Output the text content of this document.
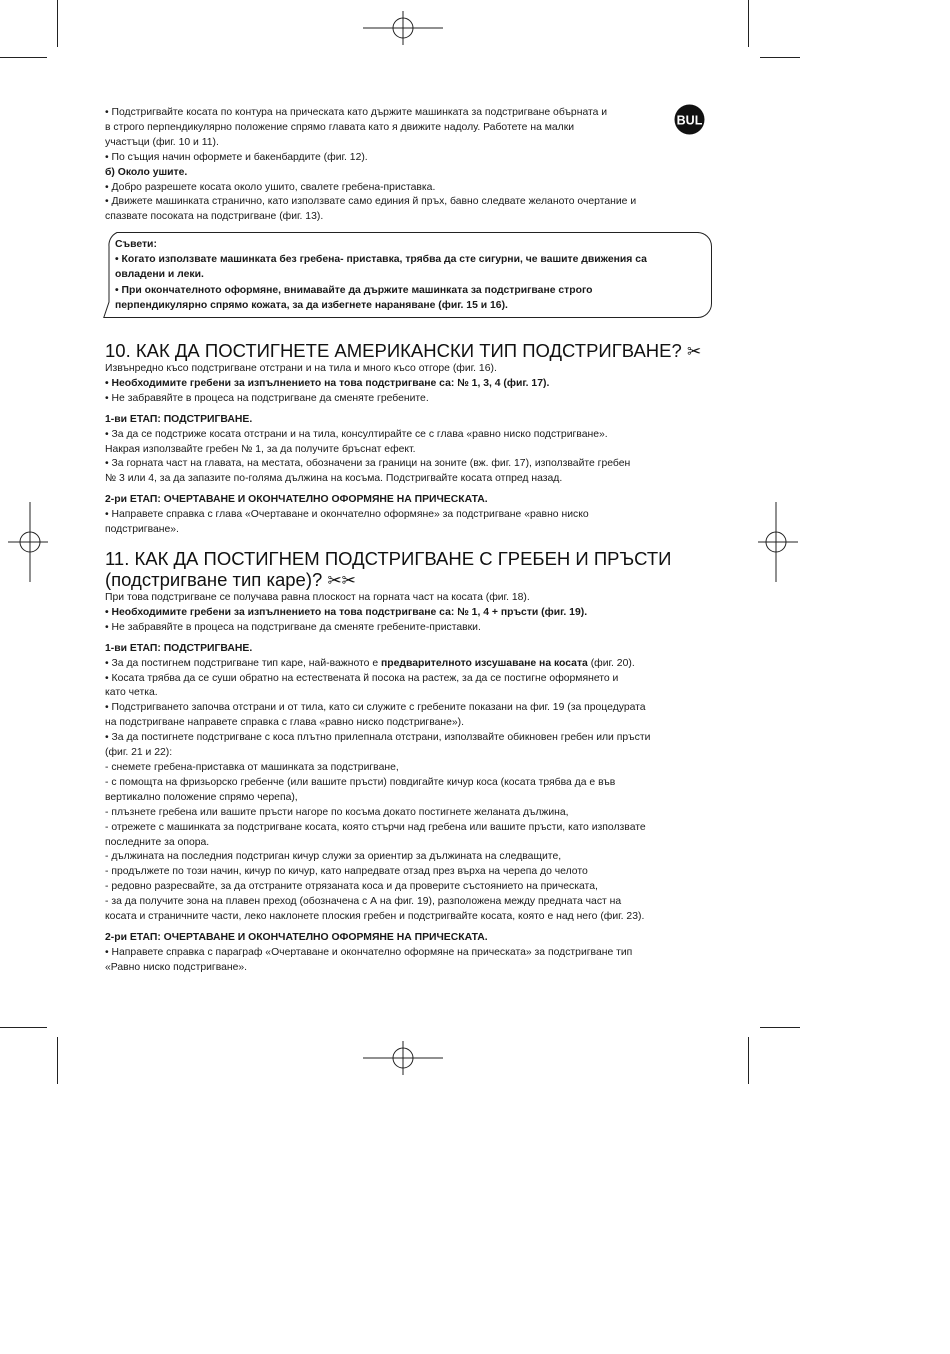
BUL

• Подстригвайте косата по контура на прическата като държите машинката за подстригване обърната и

в строго перпендикулярно положение спрямо главата като я движите надолу. Работете на малки

участъци (фиг. 10 и 11).

• По същия начин оформете и бакенбардите (фиг. 12).

б) Около ушите.

• Добро разрешете косата около ушито, свалете гребена-приставка.

• Движете машинката странично, като използвате само единия й пръх, бавно следвате желаното очертание и

спазвате посоката на подстригване (фиг. 13).

Съвети:

• Когато използвате машинката без гребена- приставка, трябва да сте сигурни, че вашите движения са

овладени и леки.

• При окончателното оформяне, внимавайте да държите машинката за подстригване строго

перпендикулярно спрямо кожата, за да избегнете нараняване (фиг. 15 и 16).

10. КАК ДА ПОСТИГНЕТЕ АМЕРИКАНСКИ ТИП ПОДСТРИГВАНЕ? ✂

Извънредно късо подстригване отстрани и на тила и много късо отгоре (фиг. 16).

• Необходимите гребени за изпълнението на това подстригване са: № 1, 3, 4 (фиг. 17).

• Не забравяйте в процеса на подстригване да сменяте гребените.

1-ви ЕТАП: ПОДСТРИГВАНЕ.

• За да се подстриже косата отстрани и на тила, консултирайте се с глава «равно ниско подстригване».

Накрая използвайте гребен № 1, за да получите бръснат ефект.

• За горната част на главата, на местата, обозначени за граници на зоните (вж. фиг. 17), използвайте гребен

№ 3 или 4, за да запазите по-голяма дължина на косъма. Подстригвайте косата отпред назад.

2-ри ЕТАП: ОЧЕРТАВАНЕ И ОКОНЧАТЕЛНО ОФОРМЯНЕ НА ПРИЧЕСКАТА.

• Направете справка с глава «Очертаване и окончателно оформяне» за подстригване «равно ниско

подстригване».

11. КАК ДА ПОСТИГНЕМ ПОДСТРИГВАНЕ С ГРЕБЕН И ПРЪСТИ
(подстригване тип каре)? ✂✂

При това подстригване се получава равна плоскост на горната част на косата (фиг. 18).

• Необходимите гребени за изпълнението на това подстригване са: № 1, 4 + пръсти (фиг. 19).

• Не забравяйте в процеса на подстригване да сменяте гребените-приставки.

1-ви ЕТАП: ПОДСТРИГВАНЕ.

• За да постигнем подстригване тип каре, най-важното е предварителното изсушаване на косата (фиг. 20).

• Косата трябва да се суши обратно на естествената й посока на растеж, за да се постигне оформянето и

като четка.

• Подстригването започва отстрани и от тила, като си служите с гребените показани на фиг. 19 (за процедурата

на подстригване направете справка с глава «равно ниско подстригване»).

• За да постигнете подстригване с коса плътно прилепнала отстрани, използвайте обикновен гребен или пръсти

(фиг. 21 и 22):

- снемете гребена-приставка от машинката за подстригване,

- с помощта на фризьорско гребенче (или вашите пръсти) повдигайте кичур коса (косата трябва да е във

вертикално положение спрямо черепа),

- плъзнете гребена или вашите пръсти нагоре по косъма докато постигнете желаната дължина,

- отрежете с машинката за подстригване косата, която стърчи над гребена или вашите пръсти, като използвате

последните за опора.

- дължината на последния подстриган кичур служи за ориентир за дължината на следващите,

- продължете по този начин, кичур по кичур, като напредвате отзад през върха на черепа до челото

- редовно разресвайте, за да отстраните отрязаната коса и да проверите състоянието на прическата,

- за да получите зона на плавен преход (обозначена с А на фиг. 19), разположена между предната част на

косата и страничните части, леко наклонете плоския гребен и подстригвайте косата, която е над него (фиг. 23).

2-ри ЕТАП: ОЧЕРТАВАНЕ И ОКОНЧАТЕЛНО ОФОРМЯНЕ НА ПРИЧЕСКАТА.

• Направете справка с параграф «Очертаване и окончателно оформяне на прическата» за подстригване тип

«Равно ниско подстригване».
